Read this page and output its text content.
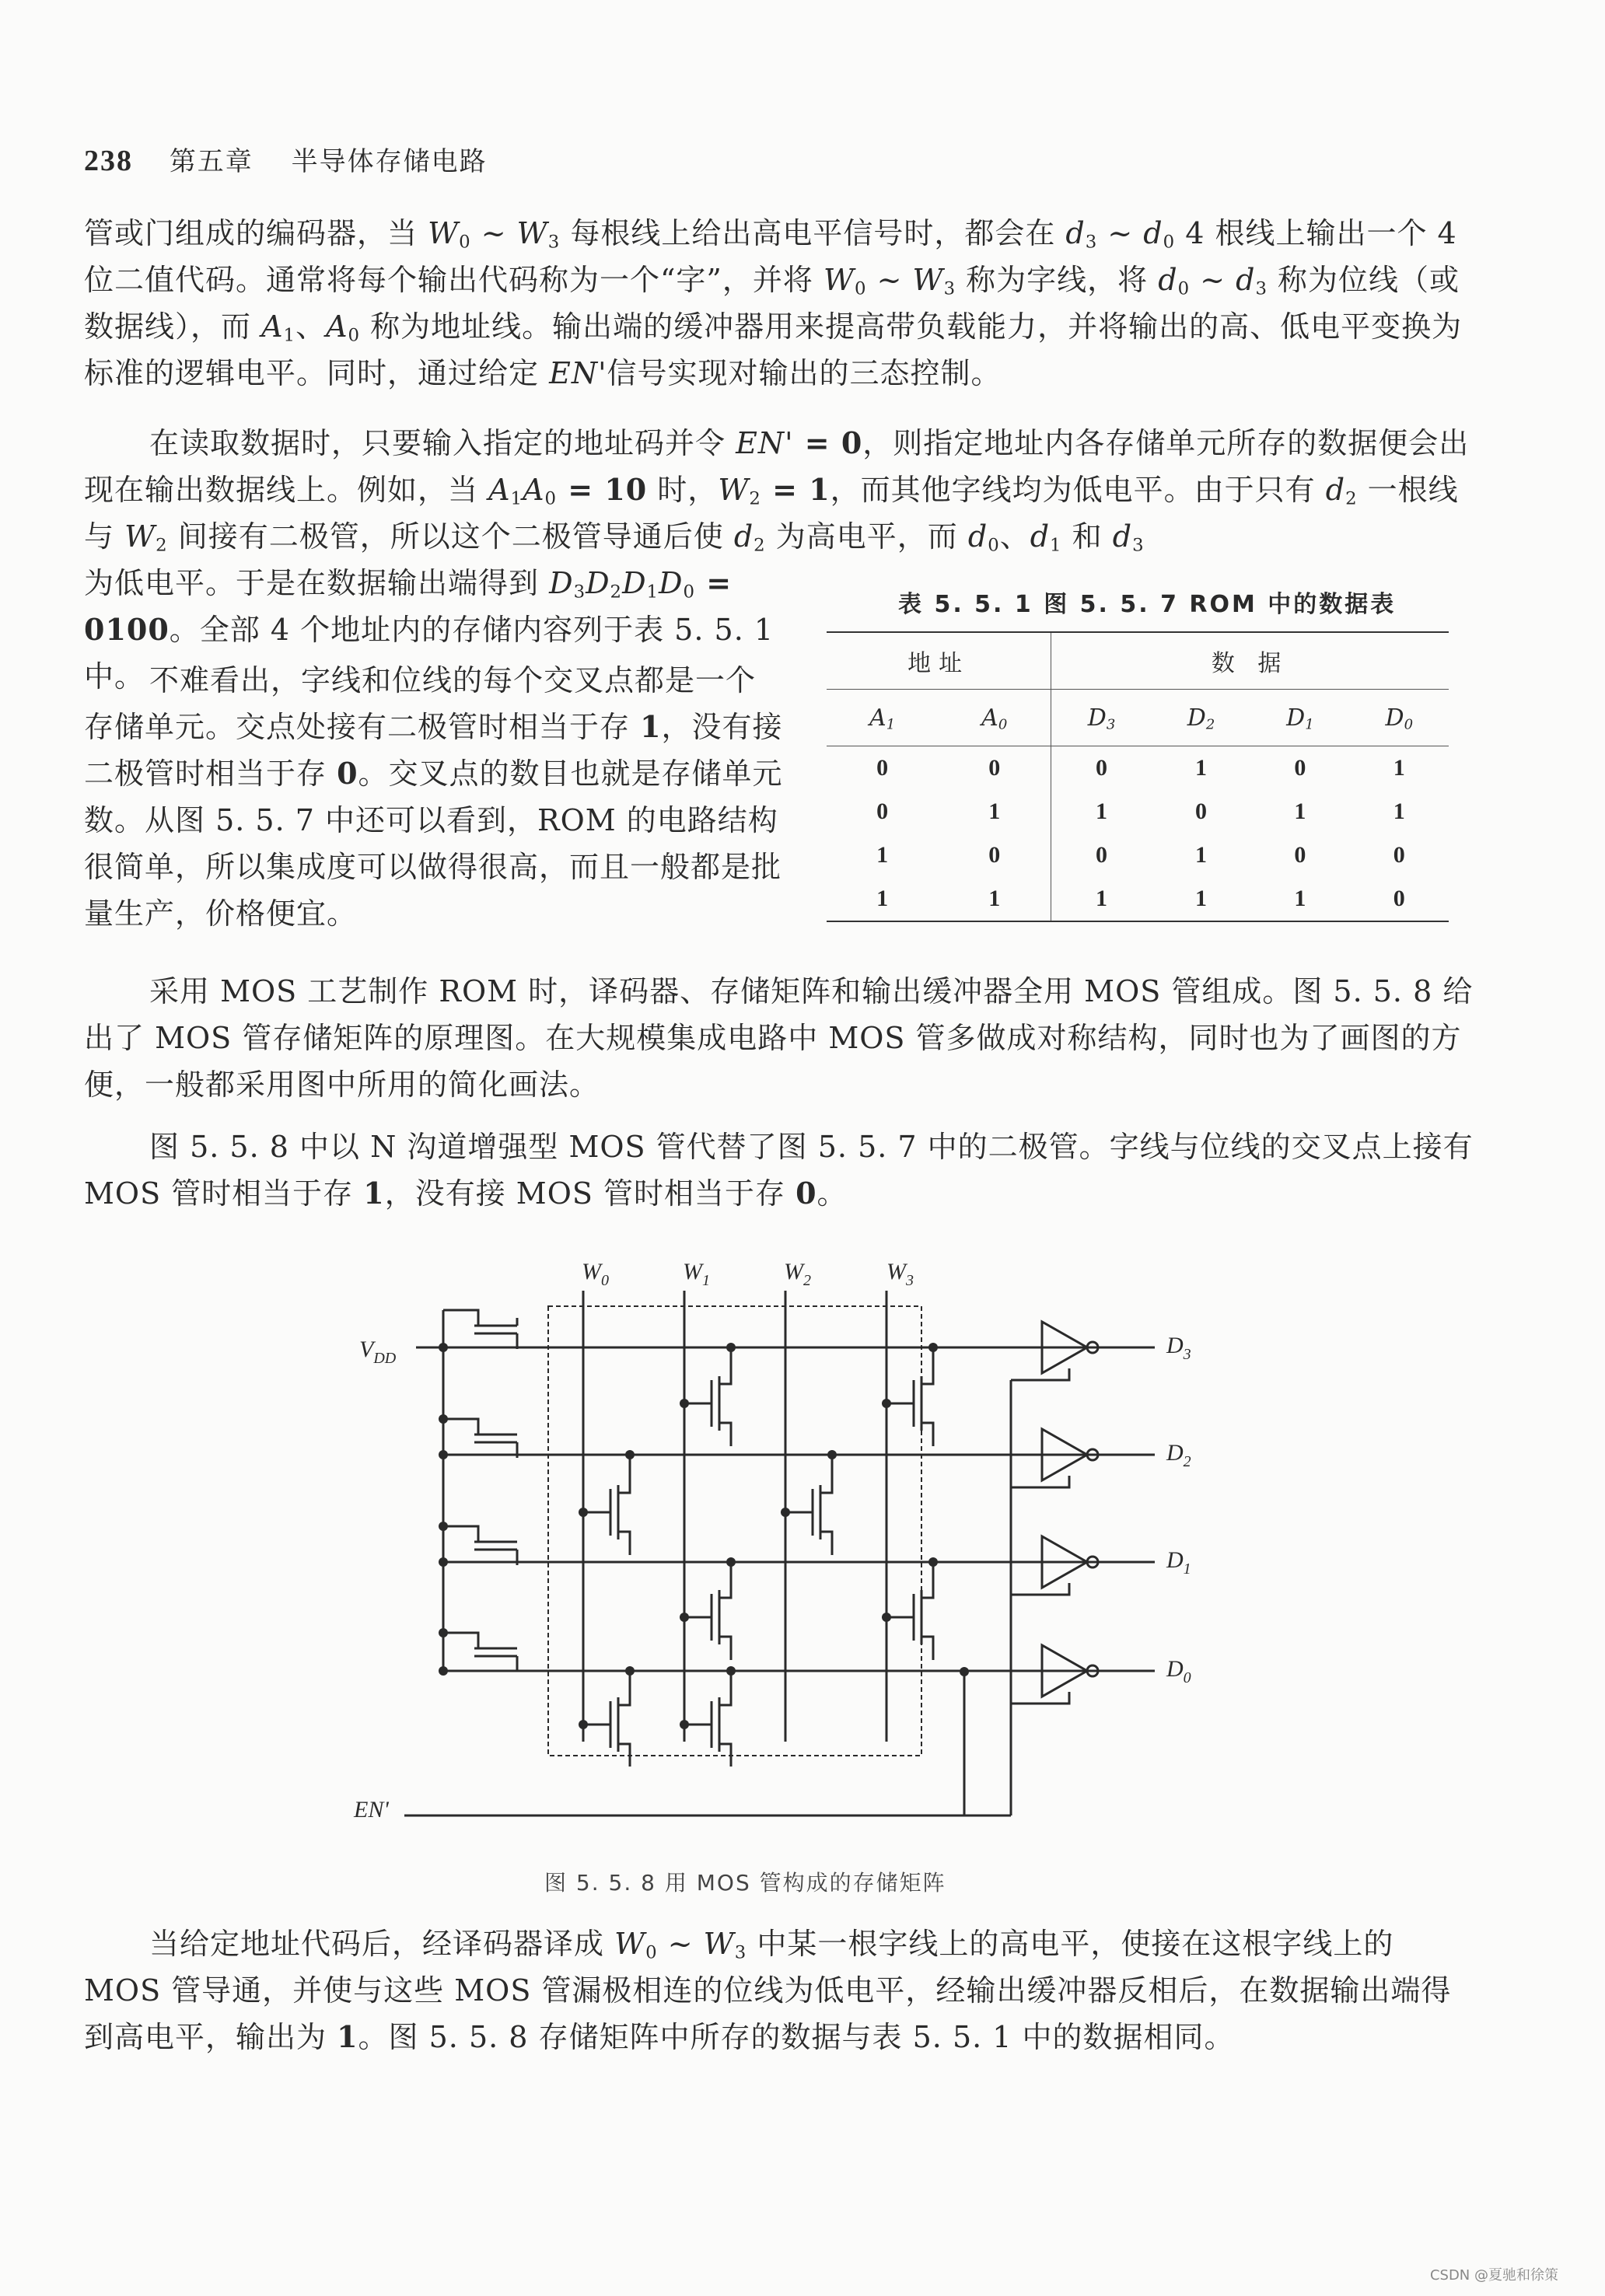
238 第五章 半导体存储电路

管或门组成的编码器，当 $W_0$ ~ $W_3$ 每根线上给出高电平信号时，都会在 $d_3$ ~ $d_0$ 4 根线上输出一个 4 位二值代码。通常将每个输出代码称为一个“字”，并将 $W_0$ ~ $W_3$ 称为字线，将 $d_0$ ~ $d_3$ 称为位线（或数据线），而 $A_1$、$A_0$ 称为地址线。输出端的缓冲器用来提高带负载能力，并将输出的高、低电平变换为标准的逻辑电平。同时，通过给定 EN'信号实现对输出的三态控制。

在读取数据时，只要输入指定的地址码并令 EN' = 0，则指定地址内各存储单元所存的数据便会出现在输出数据线上。例如，当 $A_1A_0 = 10$ 时，$W_2 = 1$，而其他字线均为低电平。由于只有 $d_2$ 一根线与 $W_2$ 间接有二极管，所以这个二极管导通后使 $d_2$ 为高电平，而 $d_0$、$d_1$ 和 $d_3$

为低电平。于是在数据输出端得到 $D_3D_2D_1D_0 = 0100$。全部 4 个地址内的存储内容列于表 5. 5. 1 中。 不难看出，字线和位线的每个交叉点都是一个存储单元。交点处接有二极管时相当于存 1，没有接二极管时相当于存 0。交叉点的数目也就是存储单元数。从图 5. 5. 7 中还可以看到，ROM 的电路结构很简单，所以集成度可以做得很高，而且一般都是批量生产，价格便宜。

表 5. 5. 1 图 5. 5. 7 ROM 中的数据表
地址		数 据			
$A_1$	$A_0$	$D_3$	$D_2$	$D_1$	$D_0$
0	0	0	1	0	1
0	1	1	0	1	1
1	0	0	1	0	0
1	1	1	1	1	0

采用 MOS 工艺制作 ROM 时，译码器、存储矩阵和输出缓冲器全用 MOS 管组成。图 5. 5. 8 给出了 MOS 管存储矩阵的原理图。在大规模集成电路中 MOS 管多做成对称结构，同时也为了画图的方便，一般都采用图中所用的简化画法。

图 5. 5. 8 中以 N 沟道增强型 MOS 管代替了图 5. 5. 7 中的二极管。字线与位线的交叉点上接有 MOS 管时相当于存 1，没有接 MOS 管时相当于存 0。

$W_0$	$W_1$	$W_2$	$W_3$
$V_{DD}$
EN'
$D_3$
$D_2$
$D_1$
$D_0$
图 5. 5. 8 用 MOS 管构成的存储矩阵

当给定地址代码后，经译码器译成 $W_0$ ~ $W_3$ 中某一根字线上的高电平，使接在这根字线上的 MOS 管导通，并使与这些 MOS 管漏极相连的位线为低电平，经输出缓冲器反相后，在数据输出端得到高电平，输出为 1。图 5. 5. 8 存储矩阵中所存的数据与表 5. 5. 1 中的数据相同。

CSDN @夏驰和徐策
